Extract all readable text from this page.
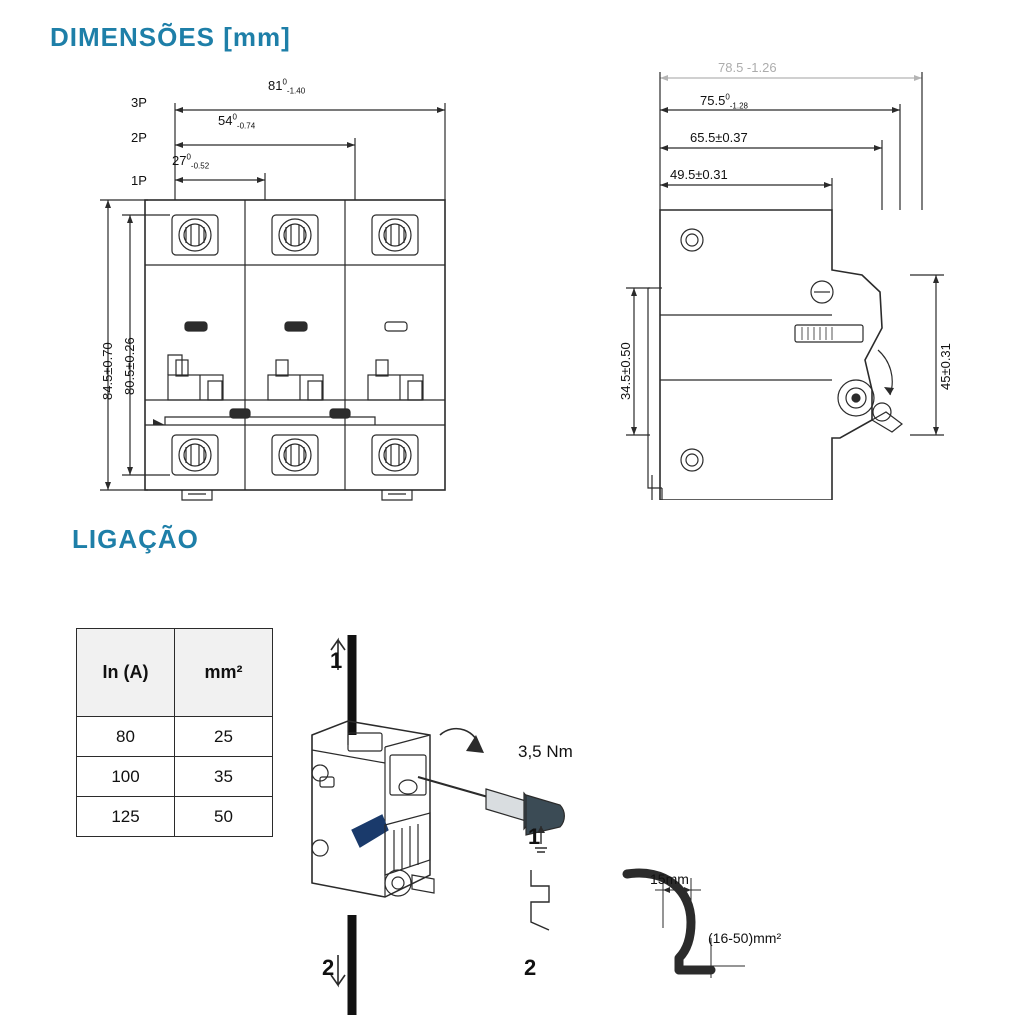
DIMENSÕES [mm]
3P
2P
1P
$81^0_{-1.40}$
$54^0_{-0.74}$
$27^0_{-0.52}$
84.5±0.70 80.5±0.26
78.5 -1.26
$75.5^0_{-1.28}$
65.5±0.37
49.5±0.31
34.5±0.50	45±0.31
LIGAÇÃO
In (A)	mm²
80	25
100	35
125	50
1
2
3,5 Nm
1
2
15mm
(16-50)mm²
